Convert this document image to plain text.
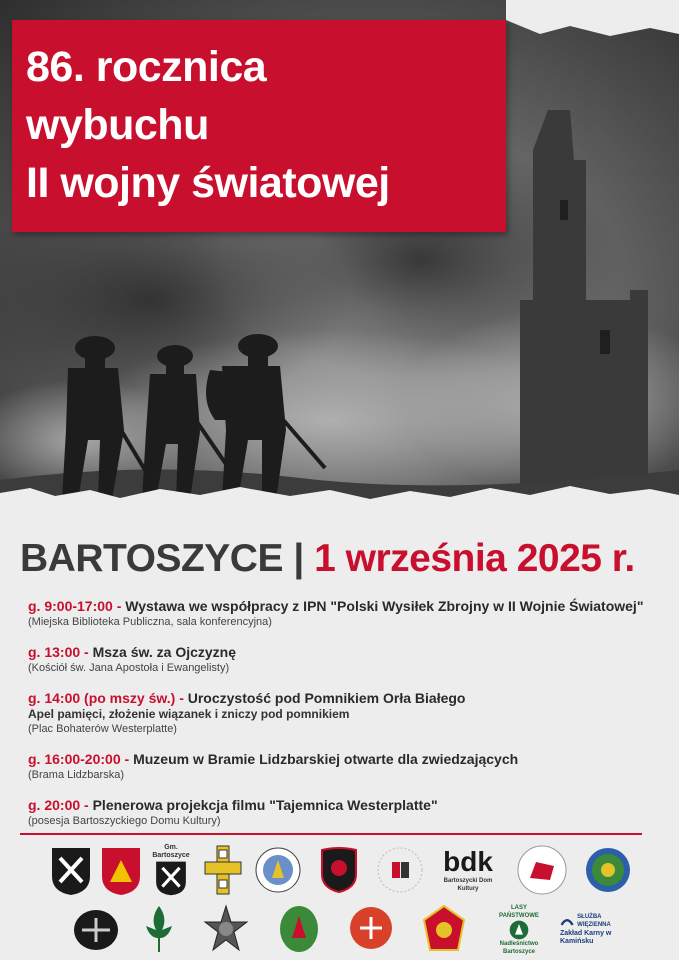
86. rocznica
wybuchu
II wojny światowej
BARTOSZYCE | 1 września 2025 r.
g. 9:00-17:00 - Wystawa we współpracy z IPN "Polski Wysiłek Zbrojny w II Wojnie Światowej"
(Miejska Biblioteka Publiczna, sala konferencyjna)
g. 13:00 - Msza św. za Ojczyznę
(Kościół św. Jana Apostoła i Ewangelisty)
g. 14:00 (po mszy św.) - Uroczystość pod Pomnikiem Orła Białego
Apel pamięci, złożenie wiązanek i zniczy pod pomnikiem
(Plac Bohaterów Westerplatte)
g. 16:00-20:00 - Muzeum w Bramie Lidzbarskiej otwarte dla zwiedzających
(Brama Lidzbarska)
g. 20:00 - Plenerowa projekcja filmu "Tajemnica Westerplatte"
(posesja Bartoszyckiego Domu Kultury)
Gm. Bartoszyce	bdk
Bartoszycki Dom Kultury
LASY PAŃSTWOWE
Nadleśnictwo Bartoszyce
SŁUŻBA WIĘZIENNA
Zakład Karny w Kamińsku
